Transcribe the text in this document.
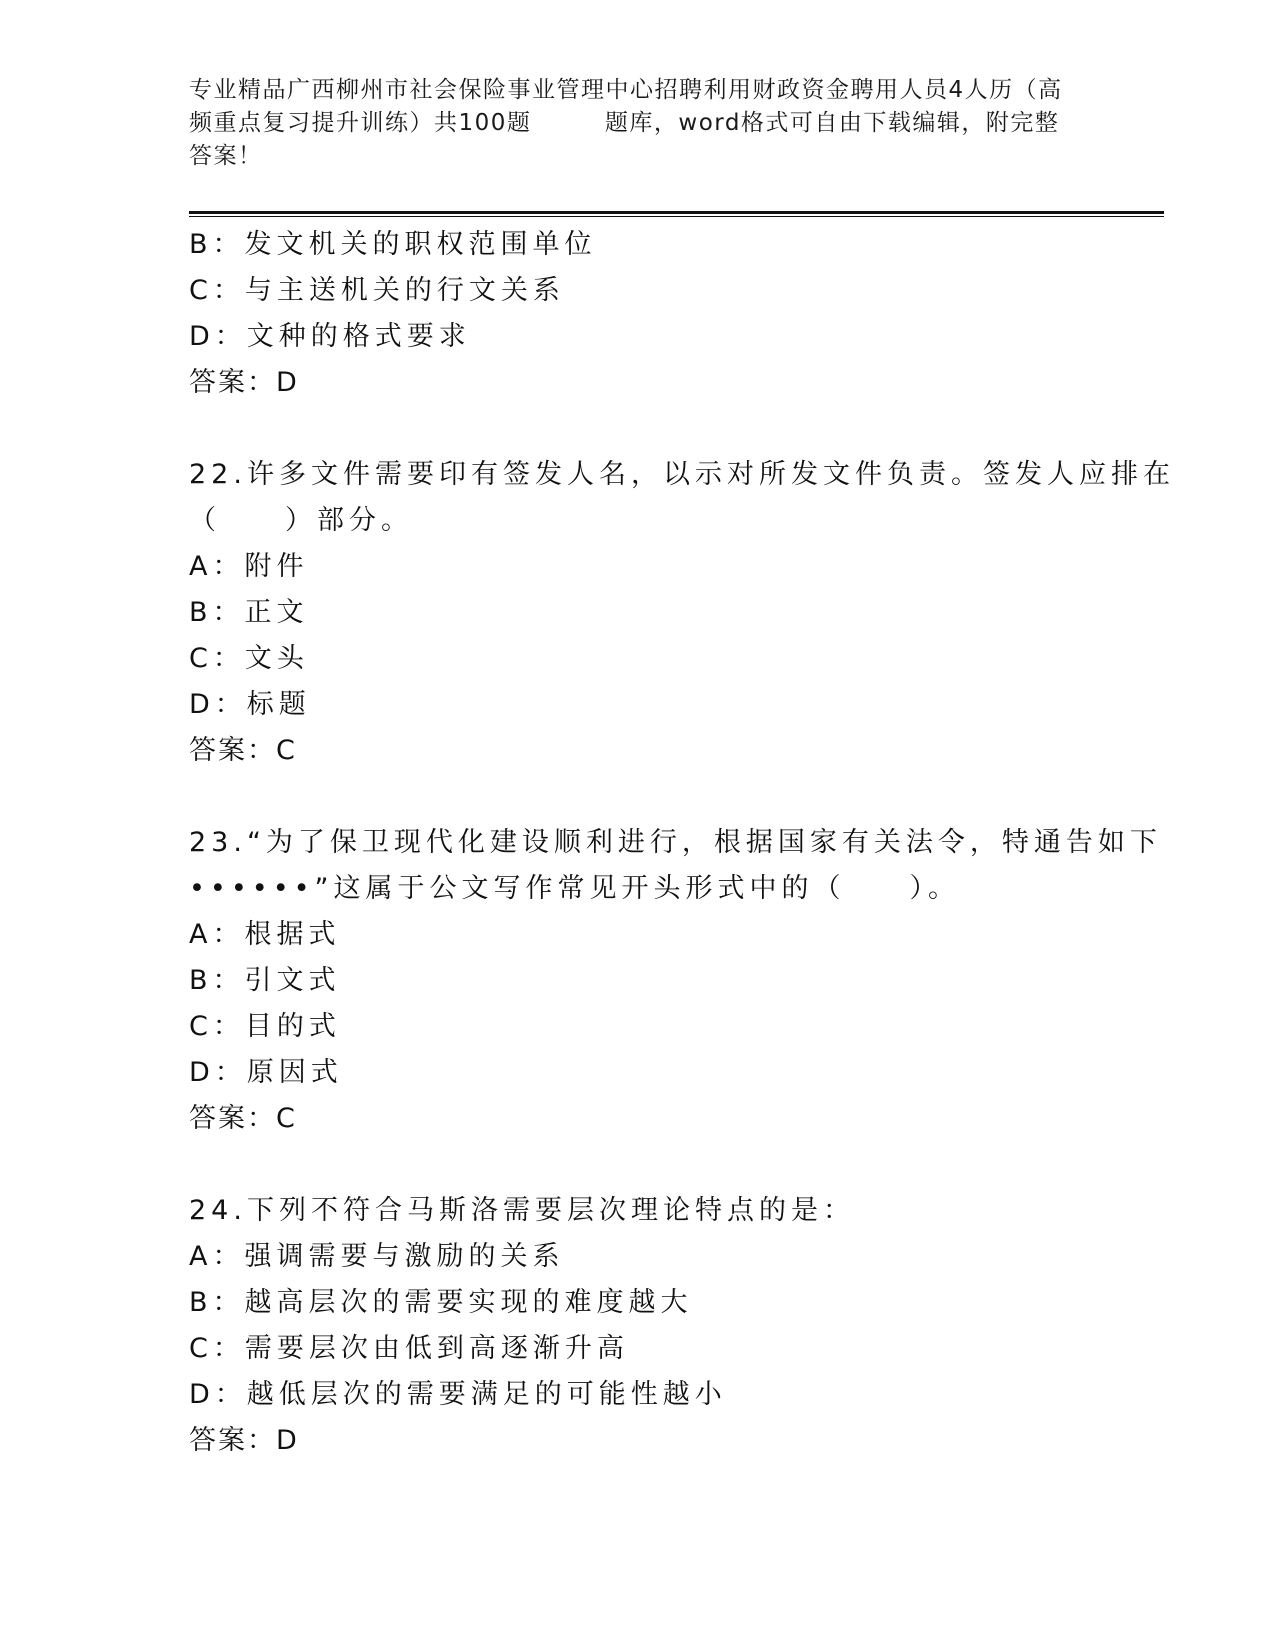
专业精品广西柳州市社会保险事业管理中心招聘利用财政资金聘用人员4人历（高
频重点复习提升训练）共100题　　　题库，word格式可自由下载编辑，附完整
答案！
B：发文机关的职权范围单位
C：与主送机关的行文关系
D：文种的格式要求
答案：D
22.许多文件需要印有签发人名，以示对所发文件负责。签发人应排在
（　　）部分。
A：附件
B：正文
C：文头
D：标题
答案：C
23.“为了保卫现代化建设顺利进行，根据国家有关法令，特通告如下
••••••”这属于公文写作常见开头形式中的（　　）。
A：根据式
B：引文式
C：目的式
D：原因式
答案：C
24.下列不符合马斯洛需要层次理论特点的是：
A：强调需要与激励的关系
B：越高层次的需要实现的难度越大
C：需要层次由低到高逐渐升高
D：越低层次的需要满足的可能性越小
答案：D
